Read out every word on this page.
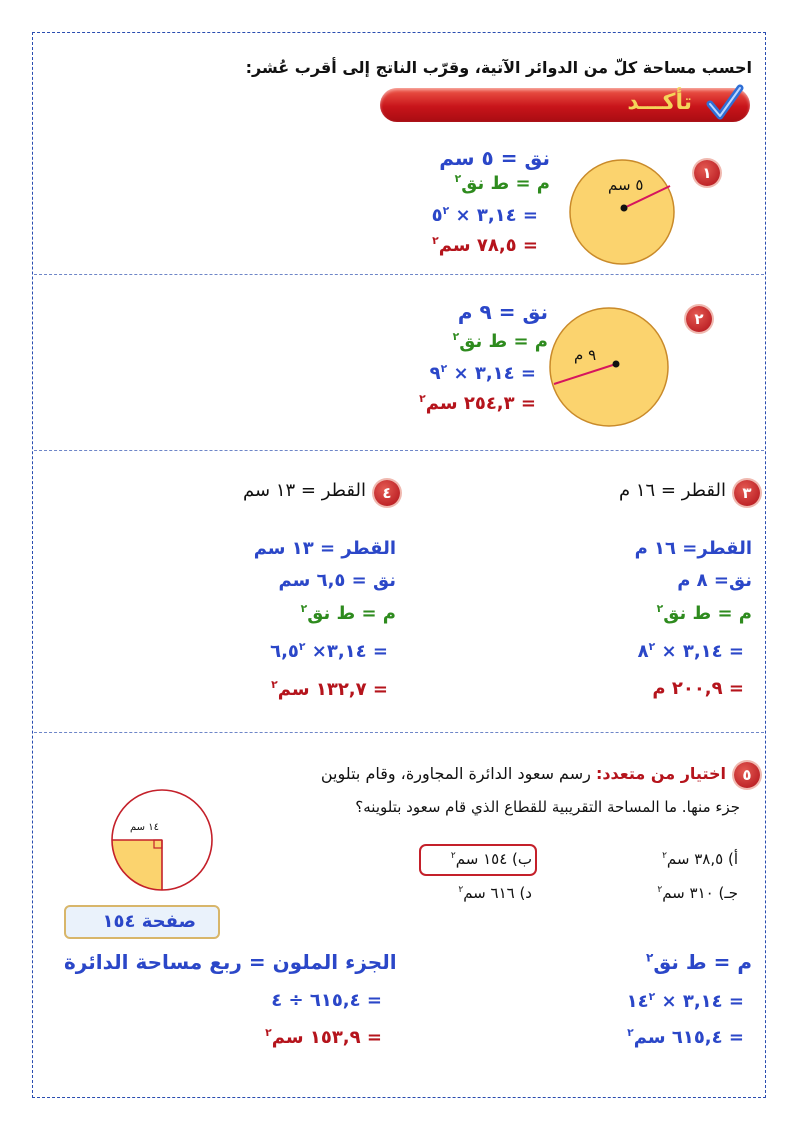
احسب مساحة كلّ من الدوائر الآتية، وقرّب الناتج إلى أقرب عُشر:
تأكـــد
١
٥ سم
نق = ٥ سم
م = ط نق$^٢$
= ٣,١٤ × $٥^٢$
= ٧٨,٥ سم$^٢$
٢
٩ م
نق = ٩ م
م = ط نق$^٢$
= ٣,١٤ × $٩^٢$
= ٢٥٤,٣ سم$^٢$
٣
القطر = ١٦ م
القطر= ١٦ م
نق= ٨ م
م = ط نق$^٢$
= ٣,١٤ × $٨^٢$
= ٢٠٠,٩ م
٤
القطر = ١٣ سم
القطر = ١٣ سم
نق = ٦,٥ سم
م = ط نق$^٢$
= ٣,١٤× $٦,٥^٢$
= ١٣٢,٧ سم$^٢$
٥
اختيار من متعدد: رسم سعود الدائرة المجاورة، وقام بتلوين
جزء منها. ما المساحة التقريبية للقطاع الذي قام سعود بتلوينه؟
أ) ٣٨,٥ سم$^٢$
ب) ١٥٤ سم$^٢$
جـ) ٣١٠ سم$^٢$
د) ٦١٦ سم$^٢$
١٤ سم
صفحة ١٥٤
م = ط نق$^٢$
= ٣,١٤ × $١٤^٢$
= ٦١٥,٤ سم$^٢$
الجزء الملون = ربع مساحة الدائرة
= ٦١٥,٤ ÷ ٤
= ١٥٣,٩ سم$^٢$
